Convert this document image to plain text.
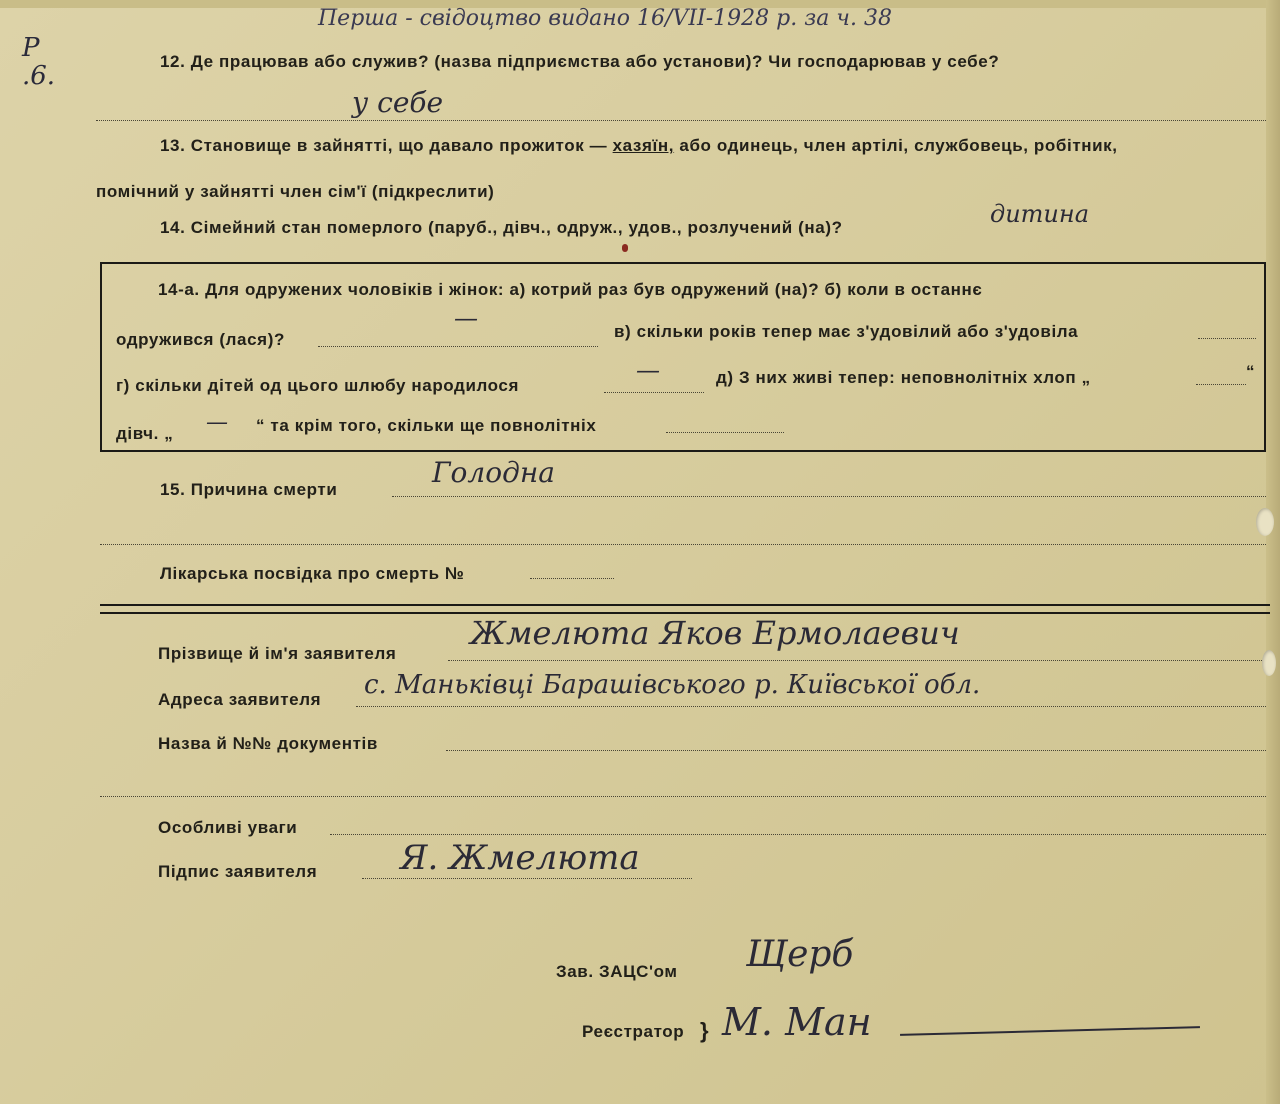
Р
.6.
Перша - свідоцтво видано 16/VII-1928 р. за ч. 38
12. Де працював або служив? (назва підприємства або установи)? Чи господарював у себе?
у себе
13. Становище в зайнятті, що давало прожиток — хазяїн, або одинець, член артілі, службовець, робітник,
помічний у зайнятті член сім'ї (підкреслити)
14. Сімейний стан померлого (паруб., дівч., одруж., удов., розлучений (на)?	дитина
14-а. Для одружених чоловіків і жінок: а) котрий раз був одружений (на)? б) коли в останнє
одружився (лася)?
—	в) скільки років тепер має з'удовілий або з'удовіла
г) скільки дітей од цього шлюбу народилося
—	д) З них живі тепер: неповнолітніх хлоп „	“
дівч. „ — “ та крім того, скільки ще повнолітніх
15. Причина смерти
Голодна
Лікарська посвідка про смерть №
Прізвище й ім'я заявителя
Жмелюта Яков Ермолаевич
Адреса заявителя с. Маньківці Барашівського р. Київської обл.
Назва й №№ документів
Особливі уваги
Підпис заявителя Я. Жмелюта
Зав. ЗАЦС'ом Щерб
Реєстратор } М. Ман
